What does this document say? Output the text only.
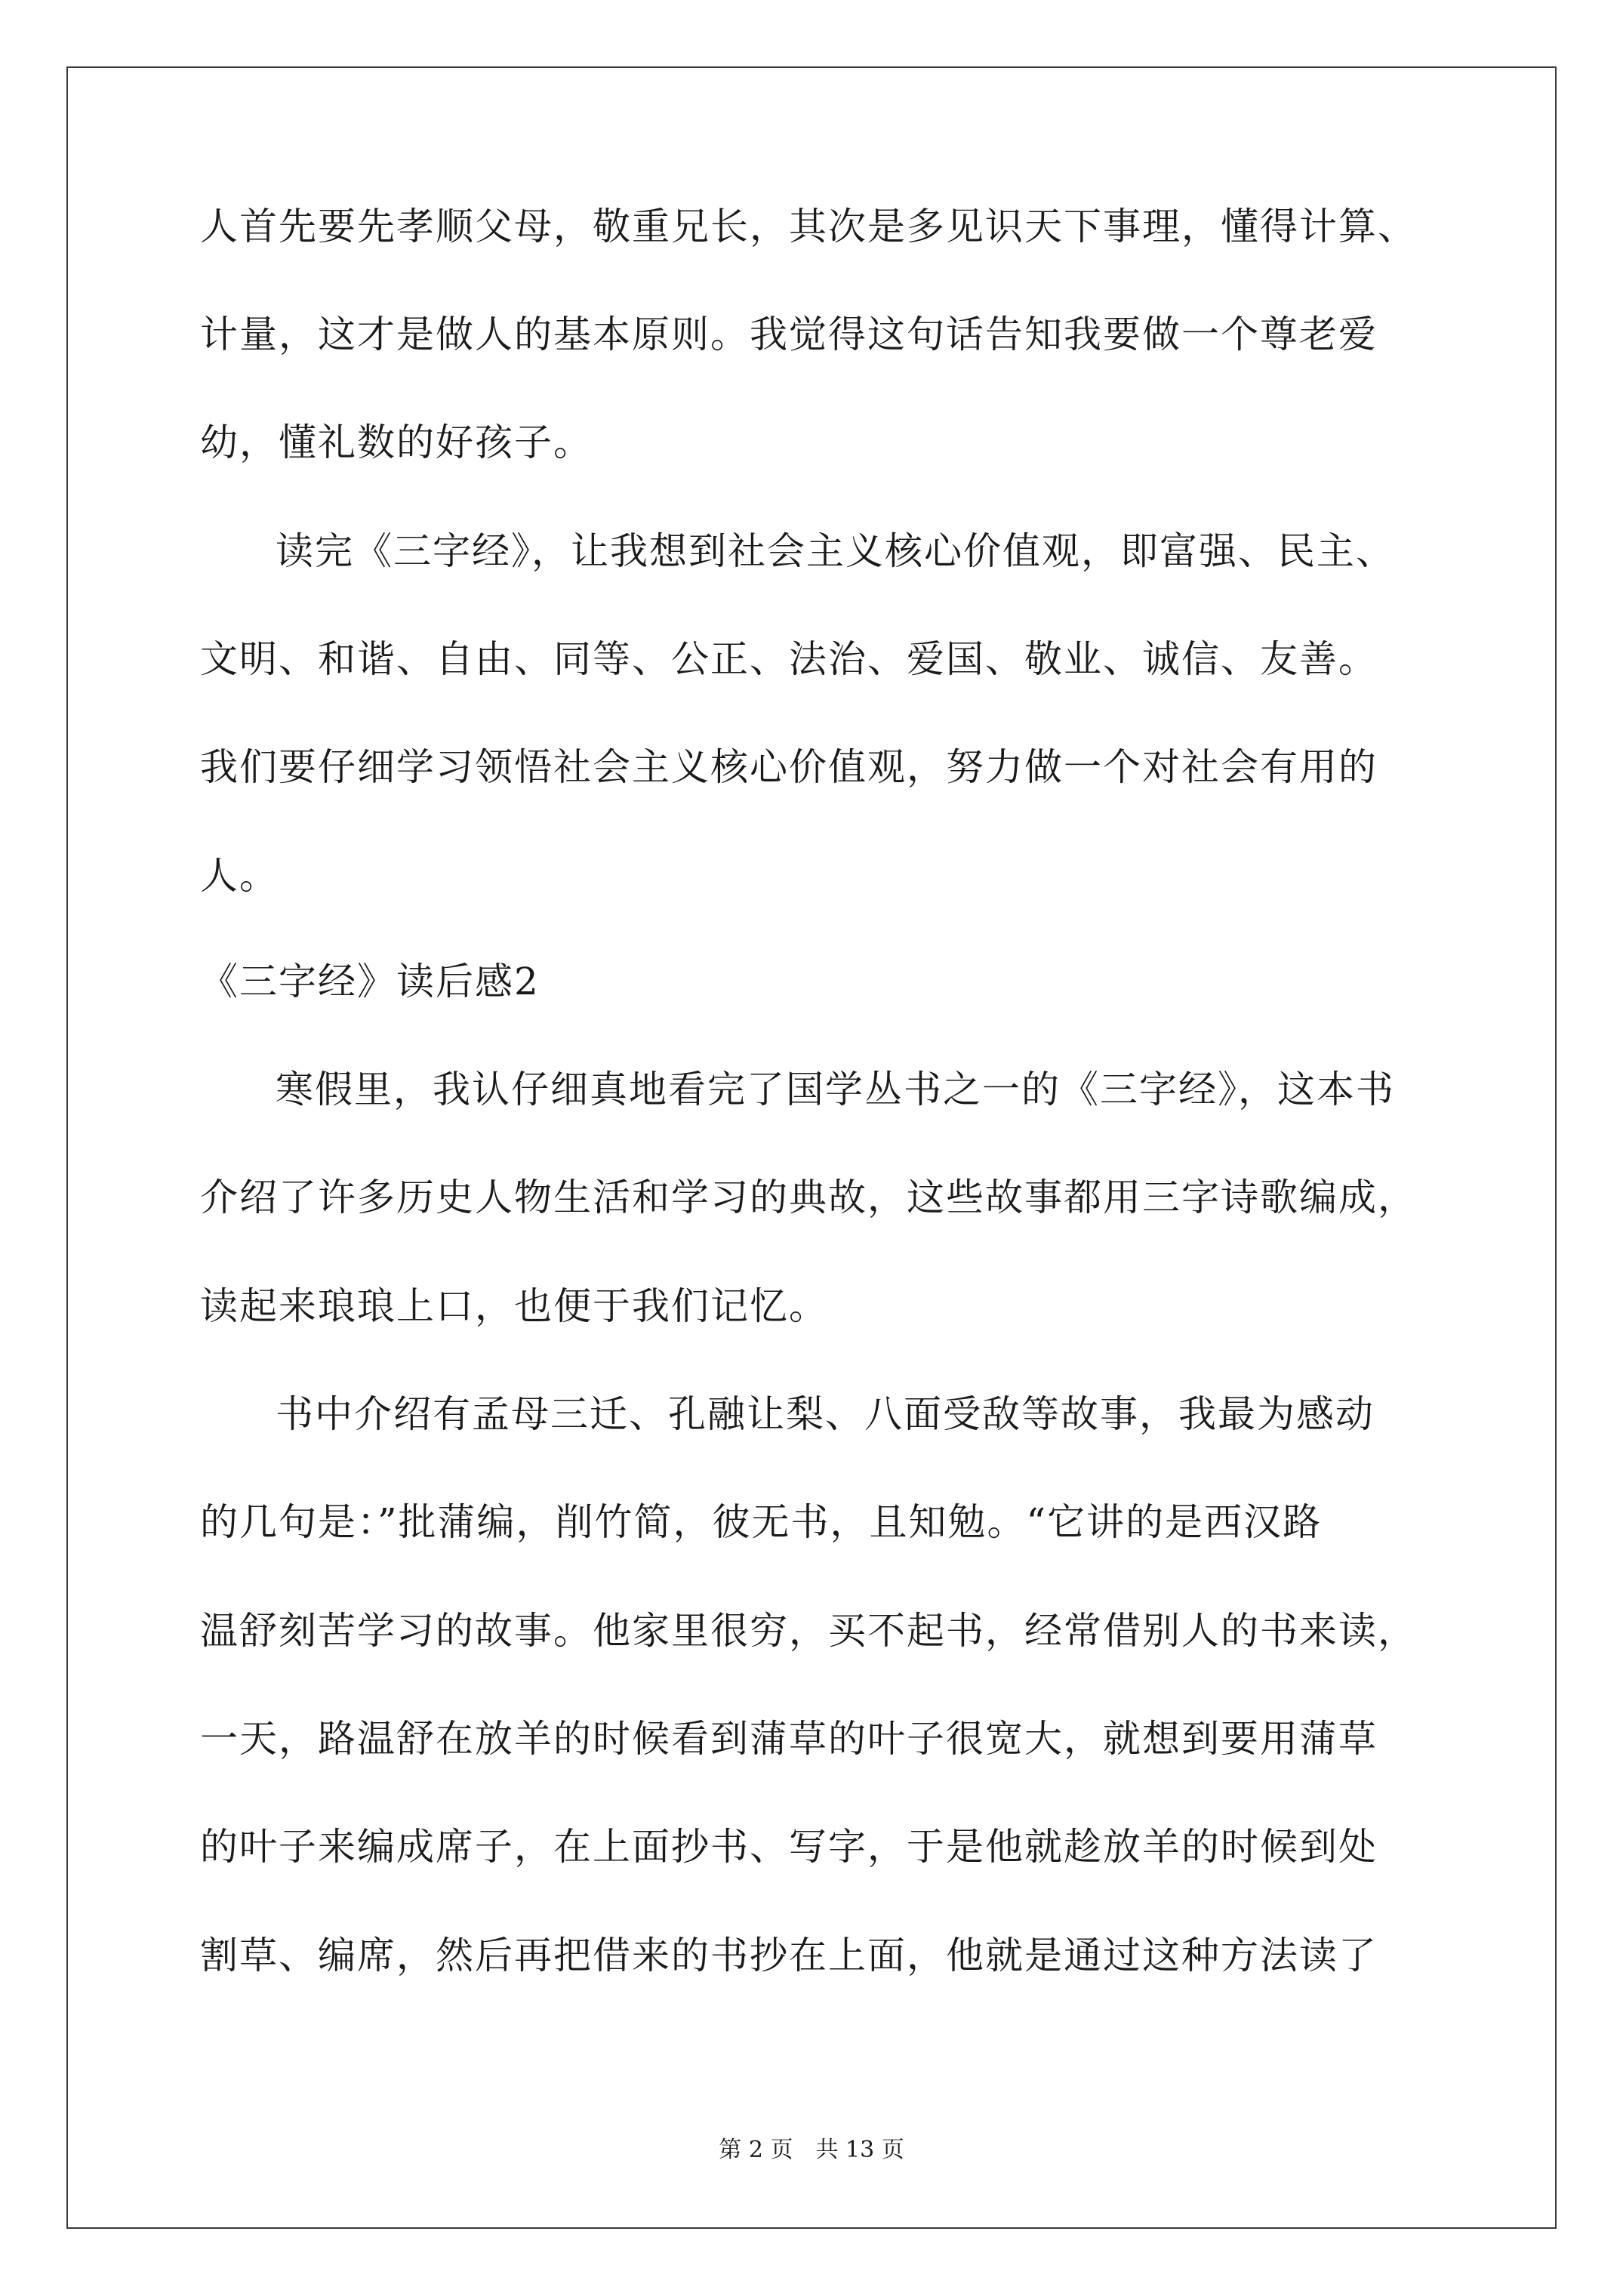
人首先要先孝顺父母，敬重兄长，其次是多见识天下事理，懂得计算、
计量，这才是做人的基本原则。我觉得这句话告知我要做一个尊老爱
幼，懂礼数的好孩子。
读完《三字经》，让我想到社会主义核心价值观，即富强、民主、
文明、和谐、自由、同等、公正、法治、爱国、敬业、诚信、友善。
我们要仔细学习领悟社会主义核心价值观，努力做一个对社会有用的
人。
《三字经》读后感2
寒假里，我认仔细真地看完了国学丛书之一的《三字经》，这本书
介绍了许多历史人物生活和学习的典故，这些故事都用三字诗歌编成，
读起来琅琅上口，也便于我们记忆。
书中介绍有孟母三迁、孔融让梨、八面受敌等故事，我最为感动
的几句是：”批蒲编，削竹简，彼无书，且知勉。“它讲的是西汉路
温舒刻苦学习的故事。他家里很穷，买不起书，经常借别人的书来读，
一天，路温舒在放羊的时候看到蒲草的叶子很宽大，就想到要用蒲草
的叶子来编成席子，在上面抄书、写字，于是他就趁放羊的时候到处
割草、编席，然后再把借来的书抄在上面，他就是通过这种方法读了
第 2 页　共 13 页
